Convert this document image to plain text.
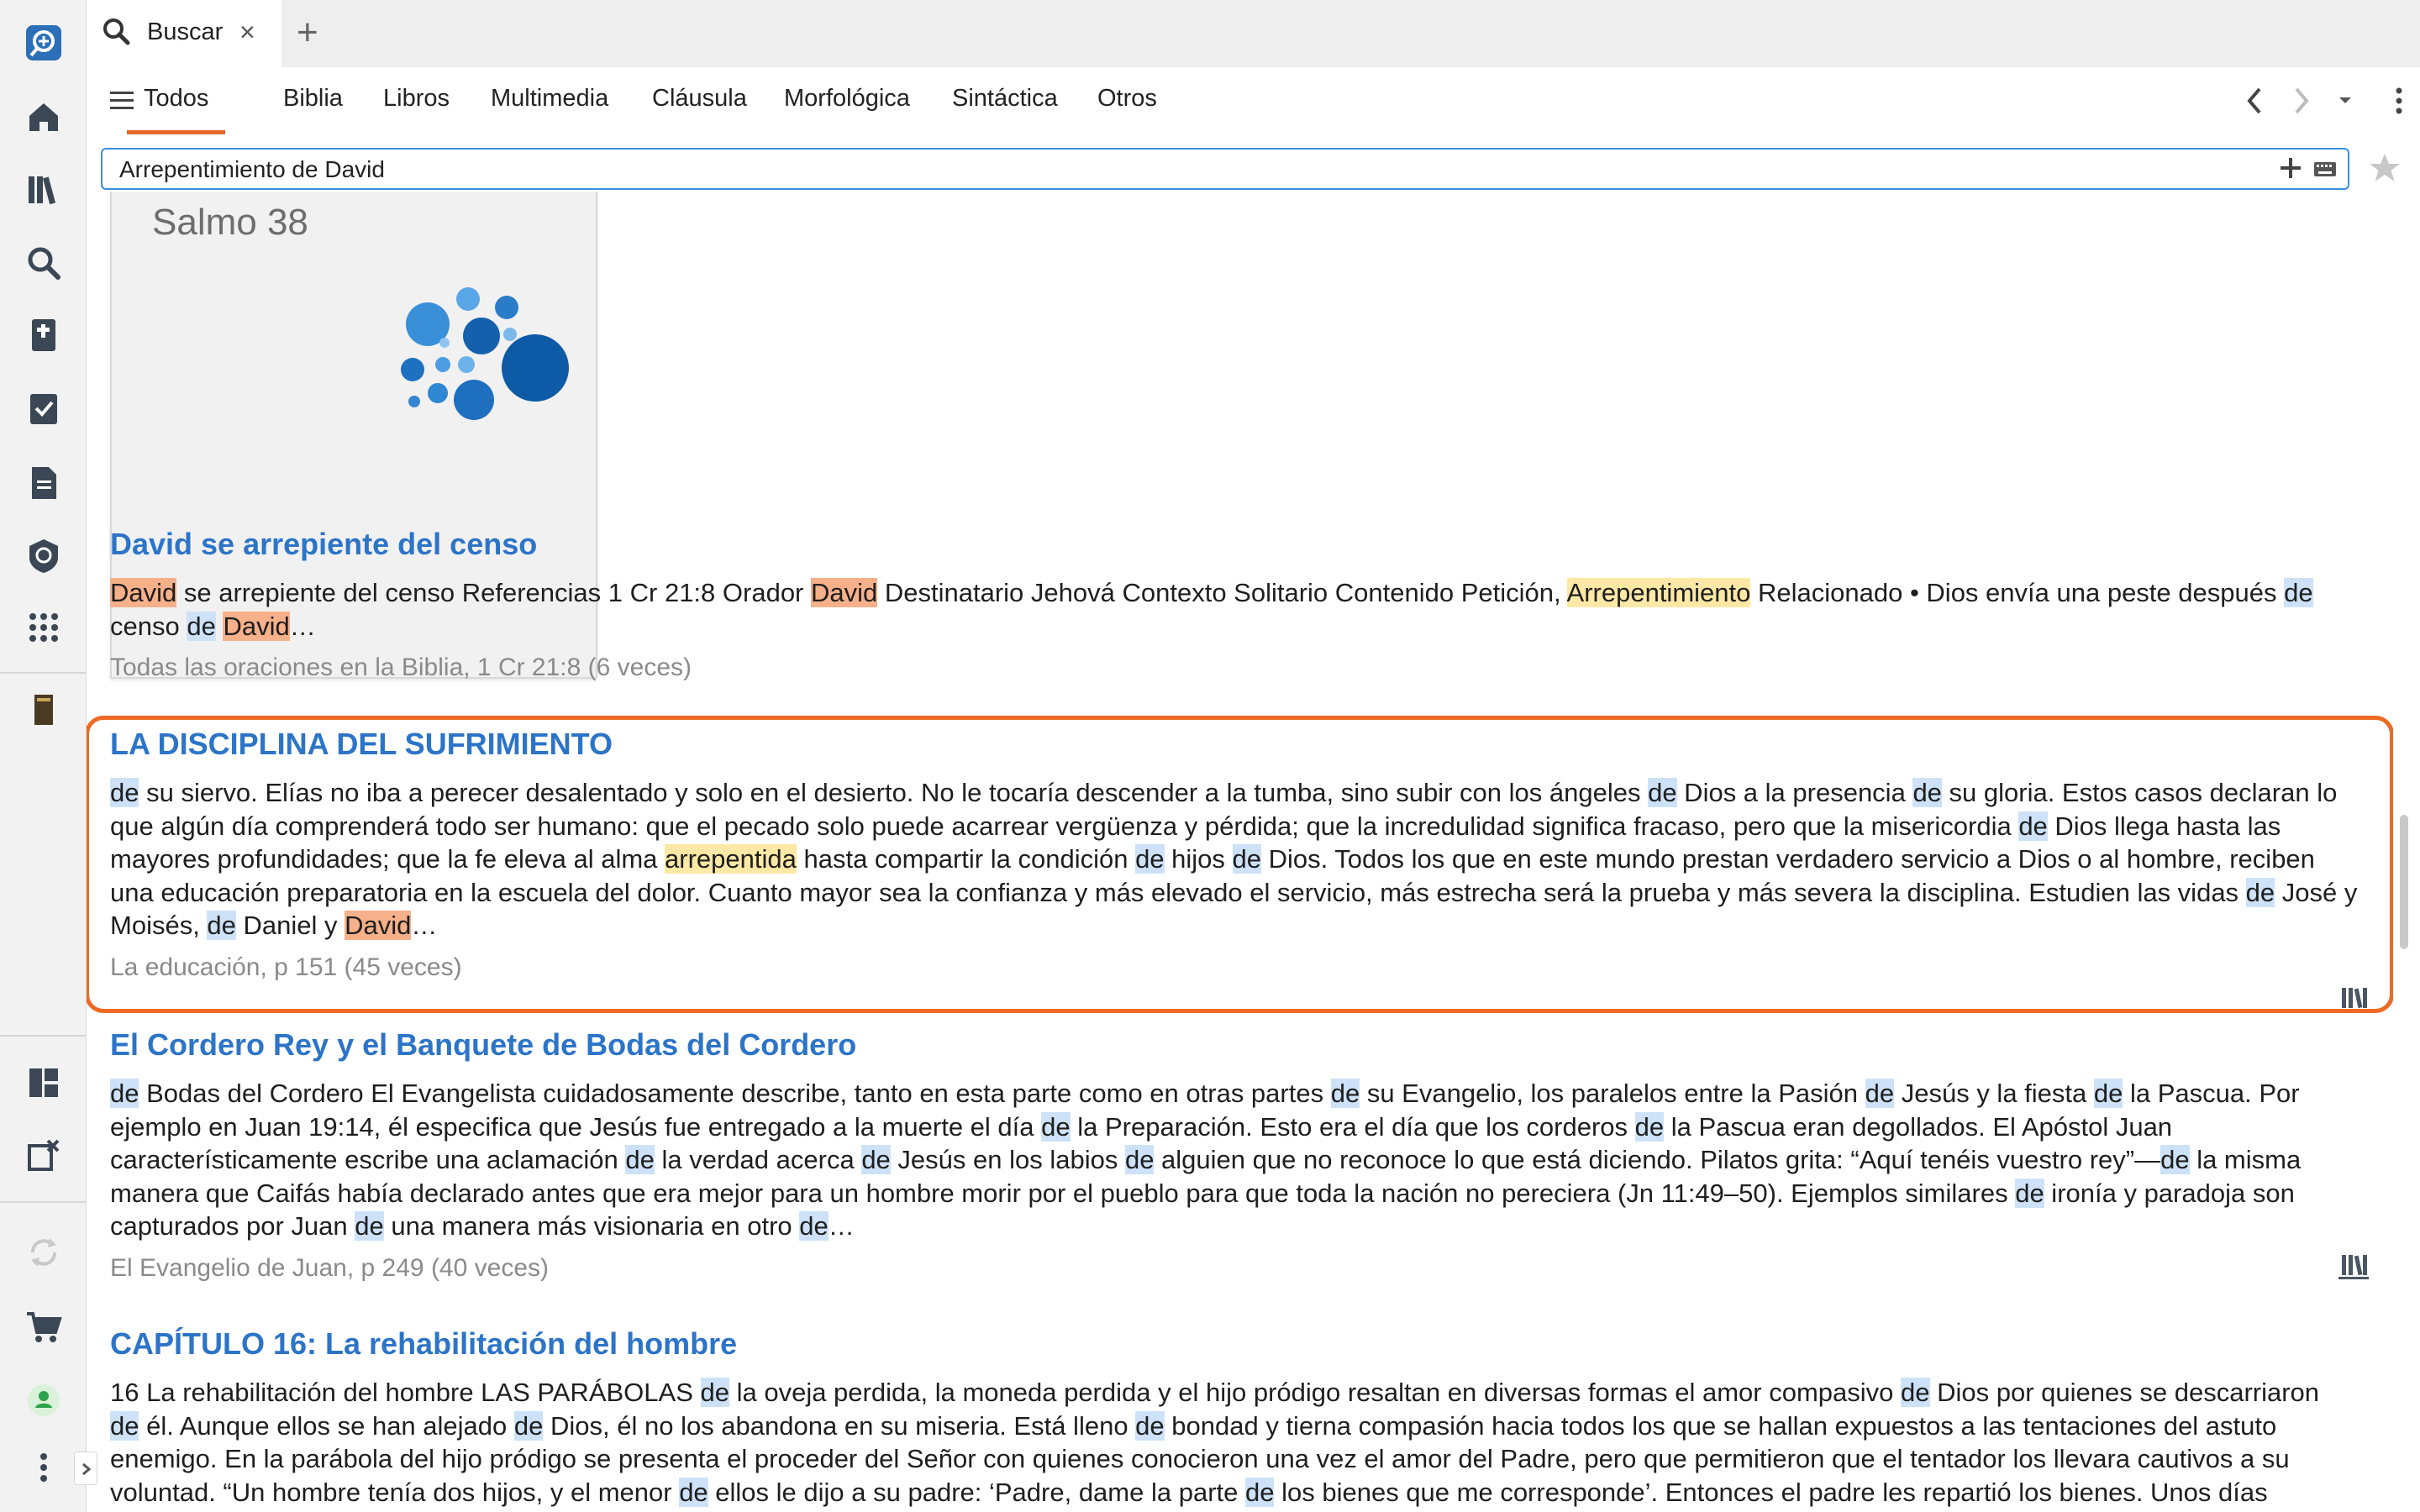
Buscar × +
Todos	Biblia Libros Multimedia Cláusula Morfológica Sintáctica Otros
Arrepentimiento de David
Salmo 38
David se arrepiente del censo
David se arrepiente del censo Referencias 1 Cr 21:8 Orador David Destinatario Jehová Contexto Solitario Contenido Petición, Arrepentimiento Relacionado • Dios envía una peste después de
censo de David…
Todas las oraciones en la Biblia, 1 Cr 21:8 (6 veces)
LA DISCIPLINA DEL SUFRIMIENTO
de su siervo. Elías no iba a perecer desalentado y solo en el desierto. No le tocaría descender a la tumba, sino subir con los ángeles de Dios a la presencia de su gloria. Estos casos declaran lo
que algún día comprenderá todo ser humano: que el pecado solo puede acarrear vergüenza y pérdida; que la incredulidad significa fracaso, pero que la misericordia de Dios llega hasta las
mayores profundidades; que la fe eleva al alma arrepentida hasta compartir la condición de hijos de Dios. Todos los que en este mundo prestan verdadero servicio a Dios o al hombre, reciben
una educación preparatoria en la escuela del dolor. Cuanto mayor sea la confianza y más elevado el servicio, más estrecha será la prueba y más severa la disciplina. Estudien las vidas de José y
Moisés, de Daniel y David…
La educación, p 151 (45 veces)
El Cordero Rey y el Banquete de Bodas del Cordero
de Bodas del Cordero El Evangelista cuidadosamente describe, tanto en esta parte como en otras partes de su Evangelio, los paralelos entre la Pasión de Jesús y la fiesta de la Pascua. Por
ejemplo en Juan 19:14, él especifica que Jesús fue entregado a la muerte el día de la Preparación. Esto era el día que los corderos de la Pascua eran degollados. El Apóstol Juan
característicamente escribe una aclamación de la verdad acerca de Jesús en los labios de alguien que no reconoce lo que está diciendo. Pilatos grita: “Aquí tenéis vuestro rey”—de la misma
manera que Caifás había declarado antes que era mejor para un hombre morir por el pueblo para que toda la nación no pereciera (Jn 11:49–50). Ejemplos similares de ironía y paradoja son
capturados por Juan de una manera más visionaria en otro de…
El Evangelio de Juan, p 249 (40 veces)
CAPÍTULO 16: La rehabilitación del hombre
16 La rehabilitación del hombre LAS PARÁBOLAS de la oveja perdida, la moneda perdida y el hijo pródigo resaltan en diversas formas el amor compasivo de Dios por quienes se descarriaron
de él. Aunque ellos se han alejado de Dios, él no los abandona en su miseria. Está lleno de bondad y tierna compasión hacia todos los que se hallan expuestos a las tentaciones del astuto
enemigo. En la parábola del hijo pródigo se presenta el proceder del Señor con quienes conocieron una vez el amor del Padre, pero que permitieron que el tentador los llevara cautivos a su
voluntad. “Un hombre tenía dos hijos, y el menor de ellos le dijo a su padre: ‘Padre, dame la parte de los bienes que me corresponde’. Entonces el padre les repartió los bienes. Unos días
